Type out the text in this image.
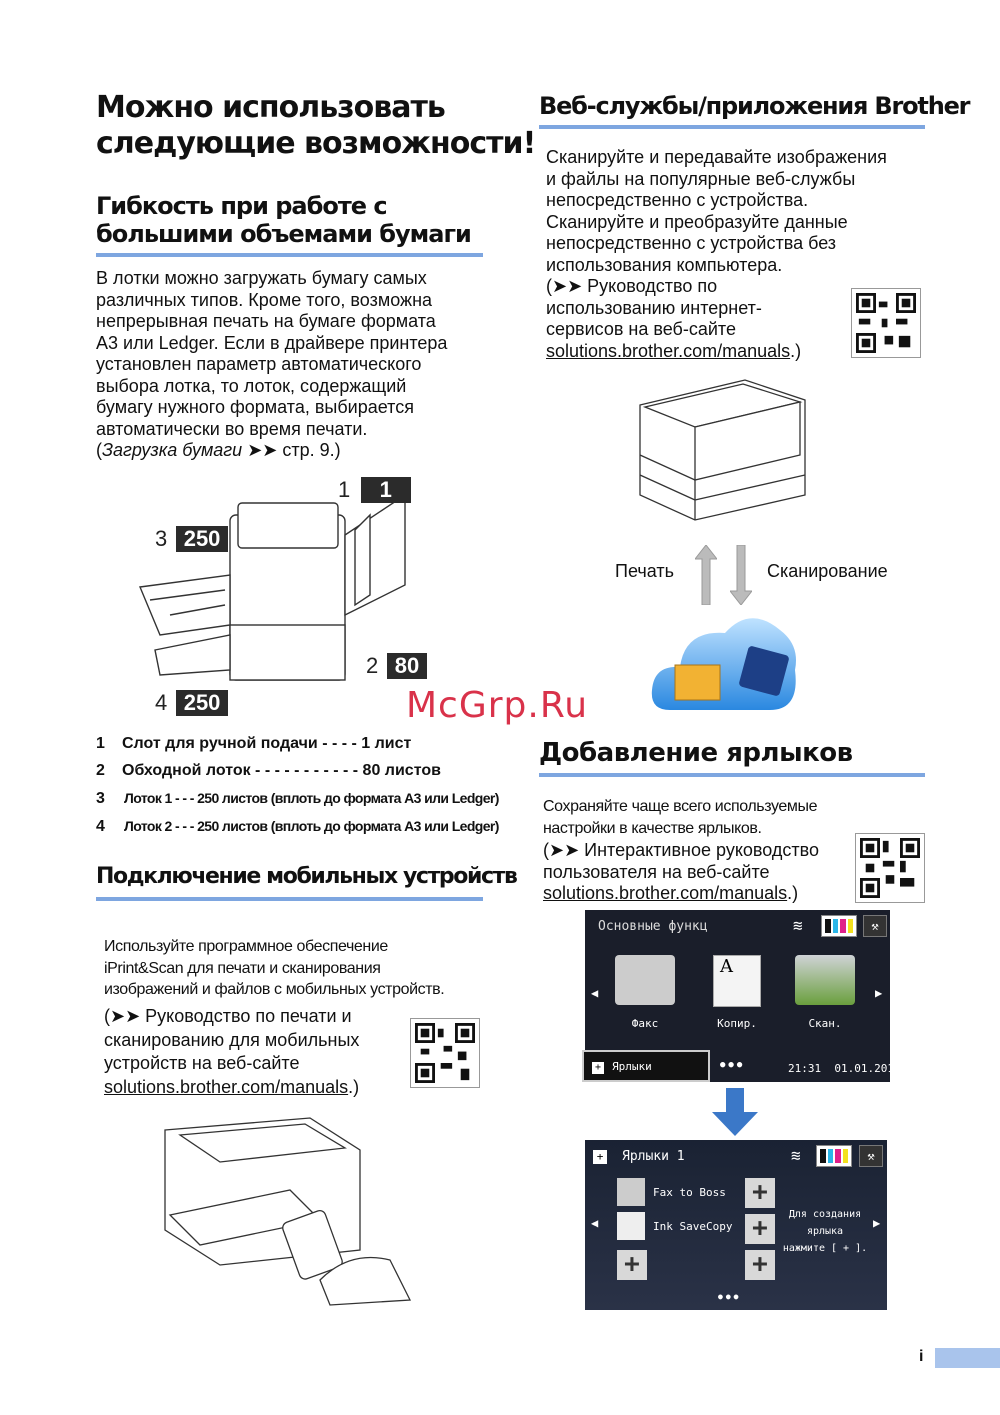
Можно использовать
следующие возможности!
Гибкость при работе с
большими объемами бумаги
В лотки можно загружать бумагу самых
различных типов. Кроме того, возможна
непрерывная печать на бумаге формата
A3 или Ledger. Если в драйвере принтера
установлен параметр автоматического
выбора лотка, то лоток, содержащий
бумагу нужного формата, выбирается
автоматически во время печати.
(Загрузка бумаги ➤➤ стр. 9.)
1 1
2 80
3 250
4 250
1 Слот для ручной подачи - - - - 1 лист
2 Обходной лоток - - - - - - - - - - - 80 листов
3 Лоток 1 - - - 250 листов (вплоть до формата A3 или Ledger)
4 Лоток 2 - - - 250 листов (вплоть до формата A3 или Ledger)
Подключение мобильных устройств
Используйте программное обеспечение
iPrint&Scan для печати и сканирования
изображений и файлов с мобильных устройств.
(➤➤ Руководство по печати и
сканированию для мобильных
устройств на веб-сайте
solutions.brother.com/manuals.)
Веб-службы/приложения Brother
Сканируйте и передавайте изображения
и файлы на популярные веб-службы
непосредственно с устройства.
Сканируйте и преобразуйте данные
непосредственно с устройства без
использования компьютера.
(➤➤ Руководство по
использованию интернет-
сервисов на веб-сайте
solutions.brother.com/manuals.)
Печать	Сканирование
McGrp.Ru
Добавление ярлыков
Сохраняйте чаще всего используемые
настройки в качестве ярлыков.
(➤➤ Интерактивное руководство
пользователя на веб-сайте
solutions.brother.com/manuals.)
Основные функц	≋	⚒
◀	▶
Факс
A
Копир.	Скан.
+ Ярлыки	●●●	21:31  01.01.2015
+ Ярлыки 1	≋	⚒
◀	▶
Fax to Boss
Ink SaveCopy
+
+
+
+
Для создания
ярлыка
нажмите [ + ].
●●●
i
